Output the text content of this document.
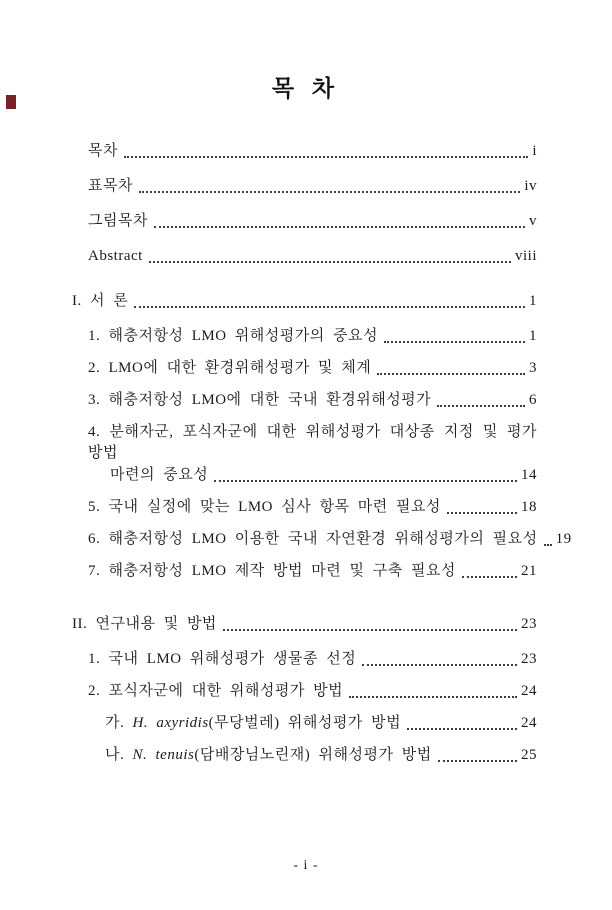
목 차
목차	i
표목차	iv
그림목차	v
Abstract	viii
I. 서 론	1
1. 해충저항성 LMO 위해성평가의 중요성	1
2. LMO에 대한 환경위해성평가 및 체계	3
3. 해충저항성 LMO에 대한 국내 환경위해성평가	6
4. 분해자군, 포식자군에 대한 위해성평가 대상종 지정 및 평가 방법
마련의 중요성	14
5. 국내 실정에 맞는 LMO 심사 항목 마련 필요성	18
6. 해충저항성 LMO 이용한 국내 자연환경 위해성평가의 필요성 19
7. 해충저항성 LMO 제작 방법 마련 및 구축 필요성	21
II. 연구내용 및 방법	23
1. 국내 LMO 위해성평가 생물종 선정	23
2. 포식자군에 대한 위해성평가 방법	24
가. H. axyridis (무당벌레) 위해성평가 방법	24
나. N. tenuis (담배장님노린재) 위해성평가 방법	25
- i -
